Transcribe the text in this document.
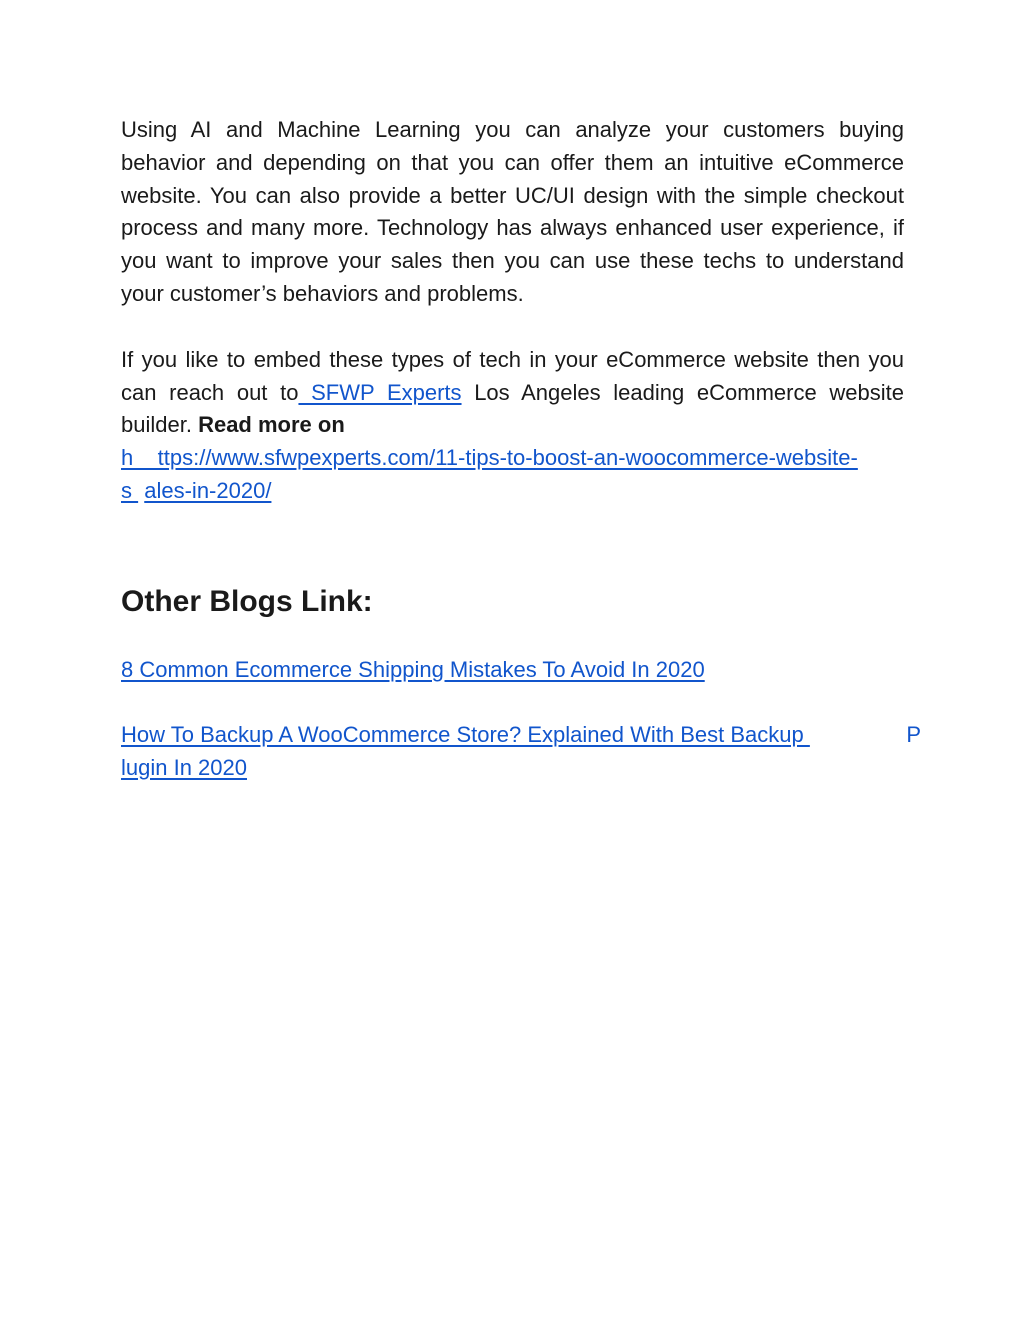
Using AI and Machine Learning you can analyze your customers buying behavior and depending on that you can offer them an intuitive eCommerce website. You can also provide a better UC/UI design with the simple checkout process and many more. Technology has always enhanced user experience, if you want to improve your sales then you can use these techs to understand your customer’s behaviors and problems.

If you like to embed these types of tech in your eCommerce website then you can reach out to SFWP Experts Los Angeles leading eCommerce website builder. Read more on
h    ttps://www.sfwpexperts.com/11-tips-to-boost-an-woocommerce-website-
s  ales-in-2020/

Other Blogs Link:
8 Common Ecommerce Shipping Mistakes To Avoid In 2020
How To Backup A WooCommerce Store? Explained With Best Backup	P
lugin In 2020
